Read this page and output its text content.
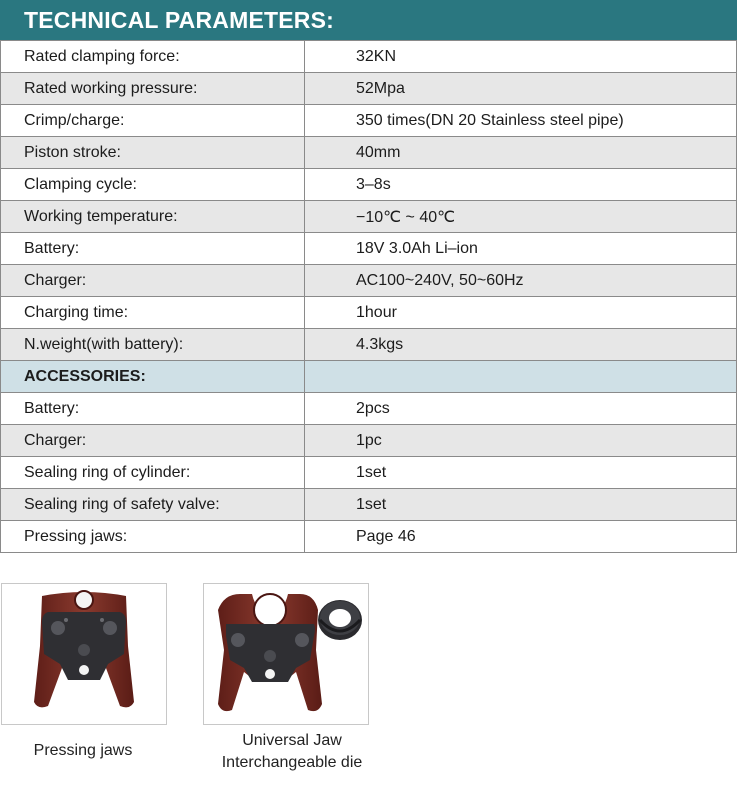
TECHNICAL PARAMETERS:
Rated clamping force:	32KN
Rated working pressure:	52Mpa
Crimp/charge:	350 times(DN 20 Stainless steel pipe)
Piston stroke:	40mm
Clamping cycle:	3–8s
Working temperature:	−10℃ ~ 40℃
Battery:	18V 3.0Ah Li–ion
Charger:	AC100~240V, 50~60Hz
Charging time:	1hour
N.weight(with battery):	4.3kgs
ACCESSORIES:	
Battery:	2pcs
Charger:	1pc
Sealing ring of cylinder:	1set
Sealing ring of safety valve:	1set
Pressing jaws:	Page 46
Pressing jaws
Universal Jaw
Interchangeable die
